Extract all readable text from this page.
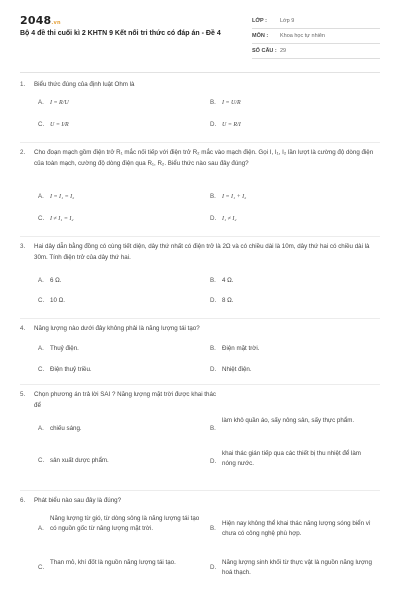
2048.vn
Bộ 4 đề thi cuối kì 2 KHTN 9 Kết nối tri thức có đáp án - Đề 4
LỚP :	Lớp 9
MÔN :	Khoa học tự nhiên
SỐ CÂU : 29
1.	Biểu thức đúng của định luật Ohm là
A.	I = R/U	B.	I = U/R
C. U = I/R	D. U = R/I
2.	Cho đoạn mạch gồm điện trở R₁ mắc nối tiếp với điện trở R₂ mắc vào mạch điện. Gọi I, I₁, I₂ lần lượt là cường độ dòng điện của toàn mạch, cường độ dòng điện qua R₁, R₂. Biểu thức nào sau đây đúng?
A.	I = I₁ = I₂	B.	I = I₁ + I₂
C. I ≠ I₁ = I₂	D. I₁ ≠ I₂
3.	Hai dây dẫn bằng đồng có cùng tiết diện, dây thứ nhất có điện trở là 2Ω và có chiều dài là 10m, dây thứ hai có chiều dài là 30m. Tính điện trở của dây thứ hai.
A. 6 Ω.	B. 4 Ω.
C. 10 Ω.	D. 8 Ω.
4.	Năng lượng nào dưới đây không phải là năng lượng tái tạo?
A. Thuỷ điện.	B. Điện mặt trời.
C. Điện thuỷ triều.	D. Nhiệt điện.
5.	Chọn phương án trả lời SAI ? Năng lượng mặt trời được khai thác để
A. chiếu sáng.	B.
làm khô quần áo, sấy nông sản, sấy thực phẩm.
C. sản xuất dược phẩm.	D.
khai thác gián tiếp qua các thiết bị thu nhiệt để làm nóng nước.
6.	Phát biểu nào sau đây là đúng?
A.
Năng lượng từ gió, từ dòng sông là năng lượng tái tạo có nguồn gốc từ năng lượng mặt trời.	B.
Hiện nay không thể khai thác năng lượng sóng biển vì chưa có công nghệ phù hợp.
C.
Than mỏ, khí đốt là nguồn năng lượng tái tạo.
D.
Năng lượng sinh khối từ thực vật là nguồn năng lượng hoá thạch.
